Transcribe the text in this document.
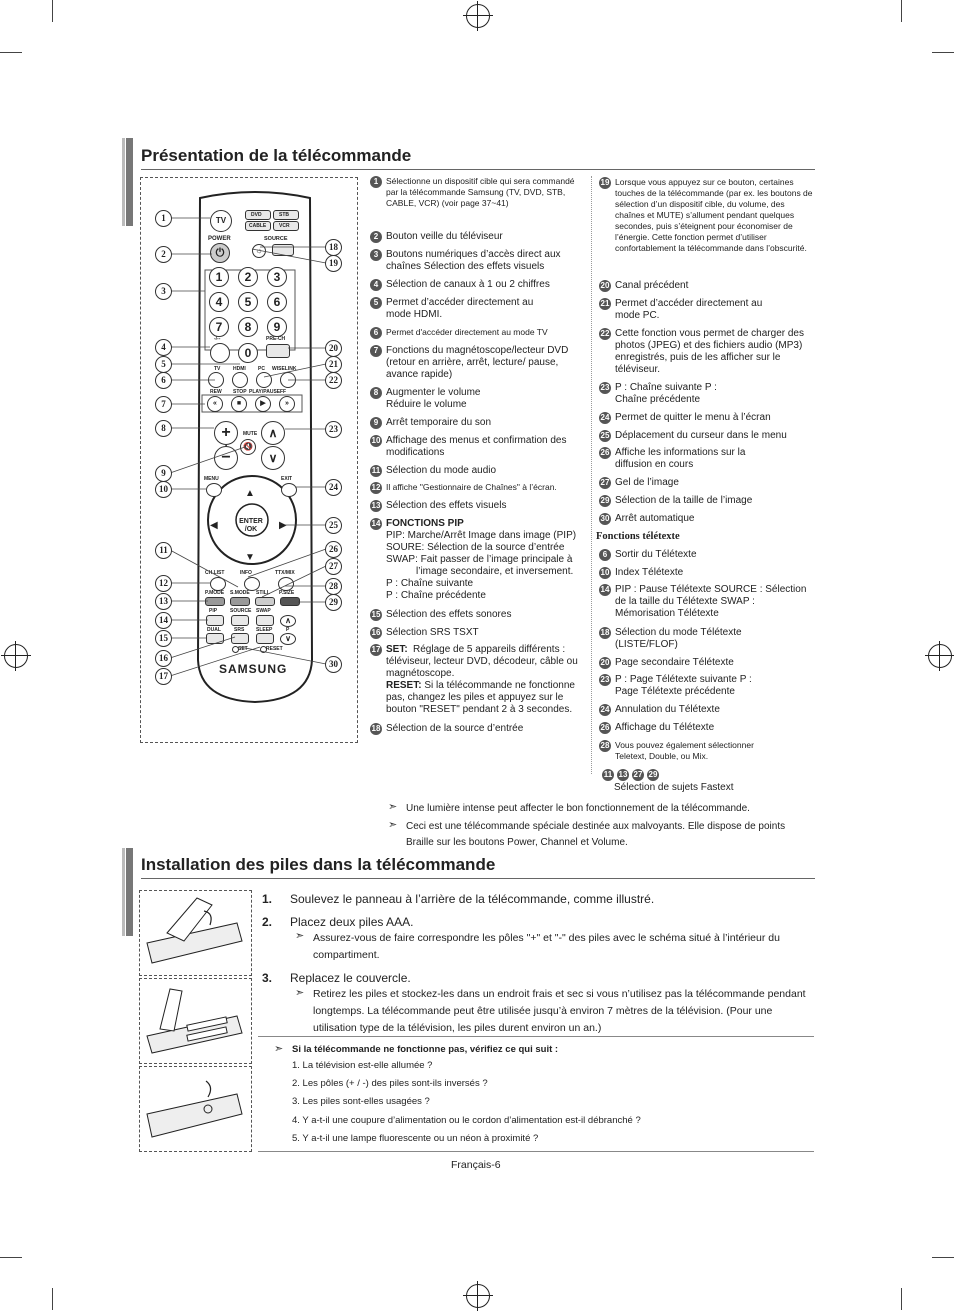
Présentation de la télécommande
TV
DVD	STB
CABLE	VCR
POWER
⏻
SOURCE
☼
1	2	3
4	5	6
7	8	9
-/--
0
PRE-CH
TV	HDMI PC WISELINK
REW STOP PLAY/PAUSE FF
«	■	▶	»
+
−
MUTE
🔇
∧
∨
MENU	EXIT
▲
▼
◀	▶
ENTER /OK
CH LIST	INFO	TTX/MIX
P.MODE S.MODE STILL P.SIZE
PIP	SOURCE SWAP
∧
DUAL	SRS SLEEP	P
∨
SET	RESET
SAMSUNG
1
2
3
4
5
6
7
8
9
10
11
12
13
14
15
16
17
18
19
20
21
22
23
24
25
26
27
28
29
30
1 Sélectionne un dispositif cible qui sera commandé par la télécommande Samsung (TV, DVD, STB, CABLE, VCR) (voir page 37~41)
2 Bouton veille du téléviseur
3 Boutons numériques d’accès direct aux chaînes Sélection des effets visuels
4 Sélection de canaux à 1 ou 2 chiffres
5 Permet d’accéder directement au mode HDMI.
6 Permet d'accéder directement au mode TV
7 Fonctions du magnétoscope/lecteur DVD (retour en arrière, arrêt, lecture/ pause, avance rapide)
8 Augmenter le volume Réduire le volume
9 Arrêt temporaire du son
10 Affichage des menus et confirmation des modifications
11 Sélection du mode audio
12 Il affiche "Gestionnaire de Chaînes" à l’écran.
13 Sélection des effets visuels
14 FONCTIONS PIP
PIP: Marche/Arrêt Image dans image (PIP)
SOURE: Sélection de la source d’entrée
SWAP: Fait passer de l’image principale à
l’image secondaire, et inversement.
P : Chaîne suivante
P : Chaîne précédente
15 Sélection des effets sonores
16 Sélection SRS TSXT
17 SET: Réglage de 5 appareils différents :
téléviseur, lecteur DVD, décodeur, câble ou magnétoscope.
RESET: Si la télécommande ne fonctionne pas, changez les piles et appuyez sur le bouton "RESET" pendant 2 à 3 secondes.
18 Sélection de la source d’entrée
19 Lorsque vous appuyez sur ce bouton, certaines touches de la télécommande (par ex. les boutons de sélection d’un dispositif cible, du volume, des chaînes et MUTE) s’allument pendant quelques secondes, puis s’éteignent pour économiser de l’énergie. Cette fonction permet d’utiliser confortablement la télécommande dans l’obscurité.
20 Canal précédent
21 Permet d’accéder directement au mode PC.
22 Cette fonction vous permet de charger des photos (JPEG) et des fichiers audio (MP3) enregistrés, puis de les afficher sur le téléviseur.
23 P : Chaîne suivante P : Chaîne précédente
24 Permet de quitter le menu à l’écran
25 Déplacement du curseur dans le menu
26 Affiche les informations sur la diffusion en cours
27 Gel de l’image
29 Sélection de la taille de l’image
30 Arrêt automatique
Fonctions télétexte
6 Sortir du Télétexte
10 Index Télétexte
14 PIP : Pause Télétexte SOURCE : Sélection de la taille du Télétexte SWAP : Mémorisation Télétexte
18 Sélection du mode Télétexte (LISTE/FLOF)
20 Page secondaire Télétexte
23 P : Page Télétexte suivante P : Page Télétexte précédente
24 Annulation du Télétexte
26 Affichage du Télétexte
28 Vous pouvez également sélectionner Teletext, Double, ou Mix.
11 13 27 29
Sélection de sujets Fastext
➣ Une lumière intense peut affecter le bon fonctionnement de la télécommande.
➣ Ceci est une télécommande spéciale destinée aux malvoyants. Elle dispose de points Braille sur les boutons Power, Channel et Volume.
Installation des piles dans la télécommande
1. Soulevez le panneau à l’arrière de la télécommande, comme illustré.
2. Placez deux piles AAA.
➣ Assurez-vous de faire correspondre les pôles "+" et "-" des piles avec le schéma situé à l’intérieur du compartiment.
3. Replacez le couvercle.
➣ Retirez les piles et stockez-les dans un endroit frais et sec si vous n’utilisez pas la télécommande pendant longtemps. La télécommande peut être utilisée jusqu’à environ 7 mètres de la télévision. (Pour une utilisation type de la télévision, les piles durent environ un an.)
➣ Si la télécommande ne fonctionne pas, vérifiez ce qui suit :
1. La télévision est-elle allumée ?
2. Les pôles (+ / -) des piles sont-ils inversés ?
3. Les piles sont-elles usagées ?
4. Y a-t-il une coupure d’alimentation ou le cordon d’alimentation est-il débranché ?
5. Y a-t-il une lampe fluorescente ou un néon à proximité ?
Français-6
